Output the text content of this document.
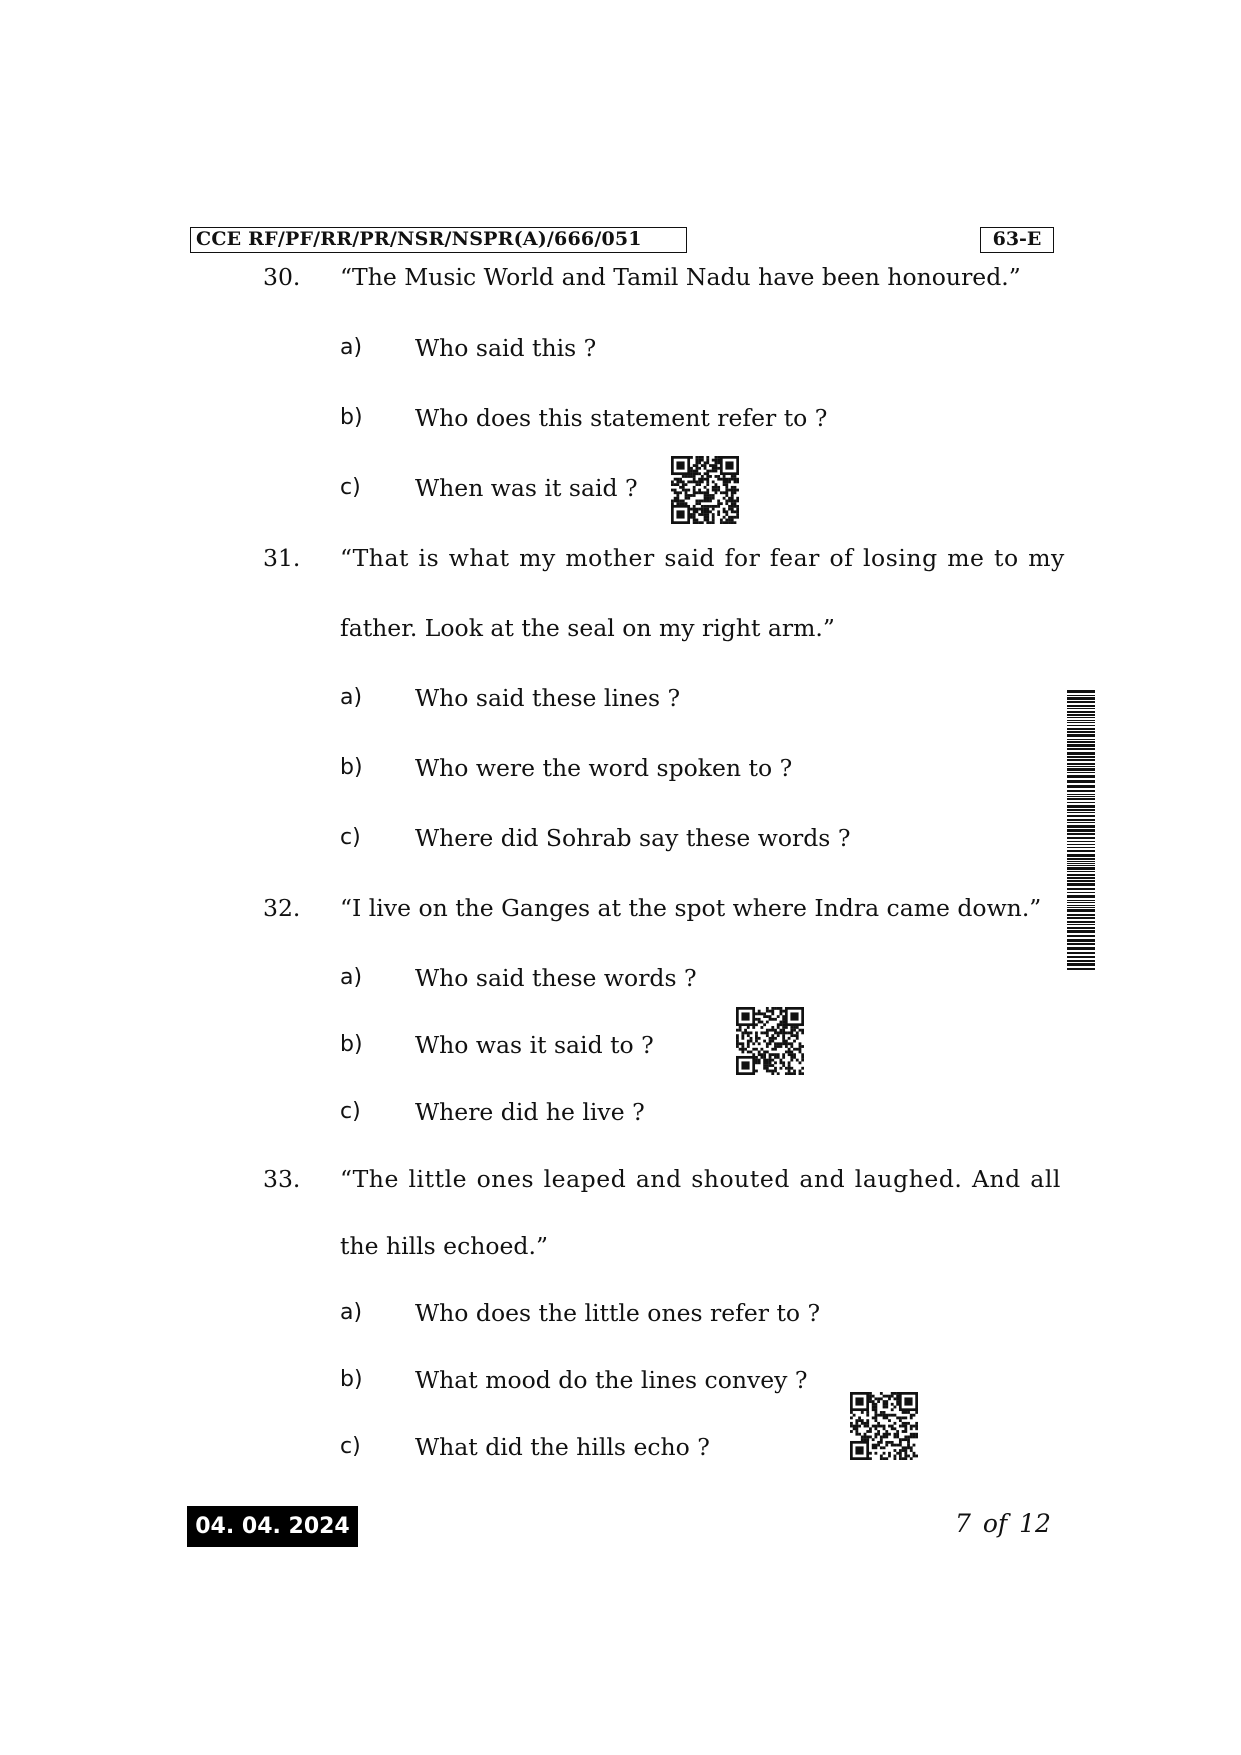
CCE RF/PF/RR/PR/NSR/NSPR(A)/666/051	63-E
30. “The Music World and Tamil Nadu have been honoured.”
a) Who said this ?
b) Who does this statement refer to ?
c) When was it said ?
31. “That is what my mother said for fear of losing me to my
father. Look at the seal on my right arm.”
a) Who said these lines ?
b) Who were the word spoken to ?
c) Where did Sohrab say these words ?
32. “I live on the Ganges at the spot where Indra came down.”
a) Who said these words ?
b) Who was it said to ?
c) Where did he live ?
33. “The little ones leaped and shouted and laughed. And all
the hills echoed.”
a) Who does the little ones refer to ?
b) What mood do the lines convey ?
c) What did the hills echo ?
04. 04. 2024	7 of 12
